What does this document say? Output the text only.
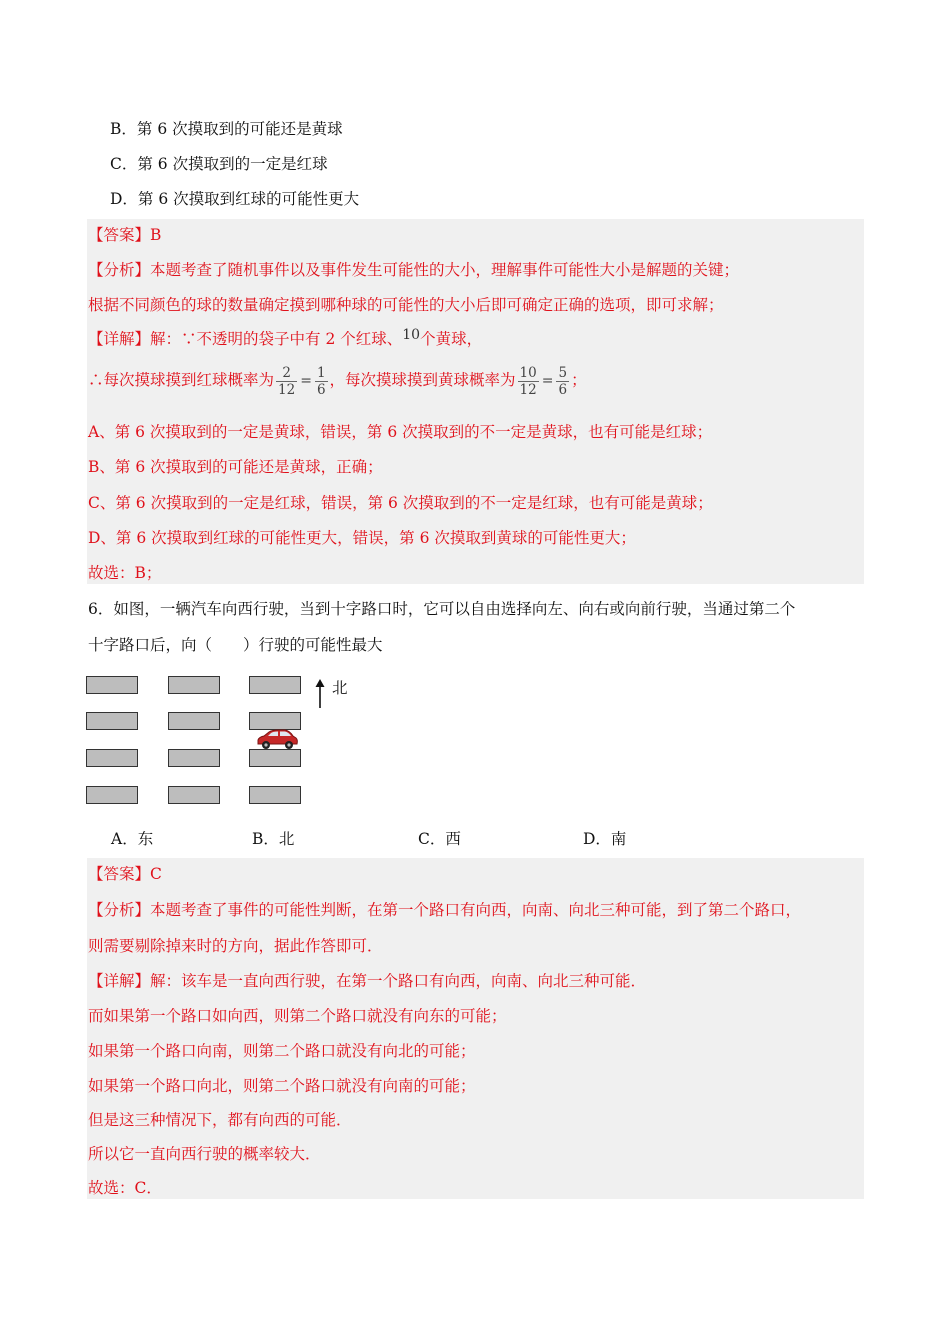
B．第 6 次摸取到的可能还是黄球
C．第 6 次摸取到的一定是红球
D．第 6 次摸取到红球的可能性更大
【答案】B
【分析】本题考查了随机事件以及事件发生可能性的大小，理解事件可能性大小是解题的关键；
根据不同颜色的球的数量确定摸到哪种球的可能性的大小后即可确定正确的选项，即可求解；
【详解】解：∵不透明的袋子中有 2 个红球、10个黄球，
∴每次摸球摸到红球概率为 $\frac{2}{12} = \frac{1}{6}$ ，每次摸球摸到黄球概率为 $\frac{10}{12} = \frac{5}{6}$ ；
A、第 6 次摸取到的一定是黄球，错误，第 6 次摸取到的不一定是黄球，也有可能是红球；
B、第 6 次摸取到的可能还是黄球，正确；
C、第 6 次摸取到的一定是红球，错误，第 6 次摸取到的不一定是红球，也有可能是黄球；
D、第 6 次摸取到红球的可能性更大，错误，第 6 次摸取到黄球的可能性更大；
故选：B；
6．如图，一辆汽车向西行驶，当到十字路口时，它可以自由选择向左、向右或向前行驶，当通过第二个
十字路口后，向（　　）行驶的可能性最大
北
A．东	B．北	C．西	D．南
【答案】C
【分析】本题考查了事件的可能性判断，在第一个路口有向西，向南、向北三种可能，到了第二个路口，
则需要剔除掉来时的方向，据此作答即可．
【详解】解：该车是一直向西行驶，在第一个路口有向西，向南、向北三种可能．
而如果第一个路口如向西，则第二个路口就没有向东的可能；
如果第一个路口向南，则第二个路口就没有向北的可能；
如果第一个路口向北，则第二个路口就没有向南的可能；
但是这三种情况下，都有向西的可能．
所以它一直向西行驶的概率较大．
故选：C．
